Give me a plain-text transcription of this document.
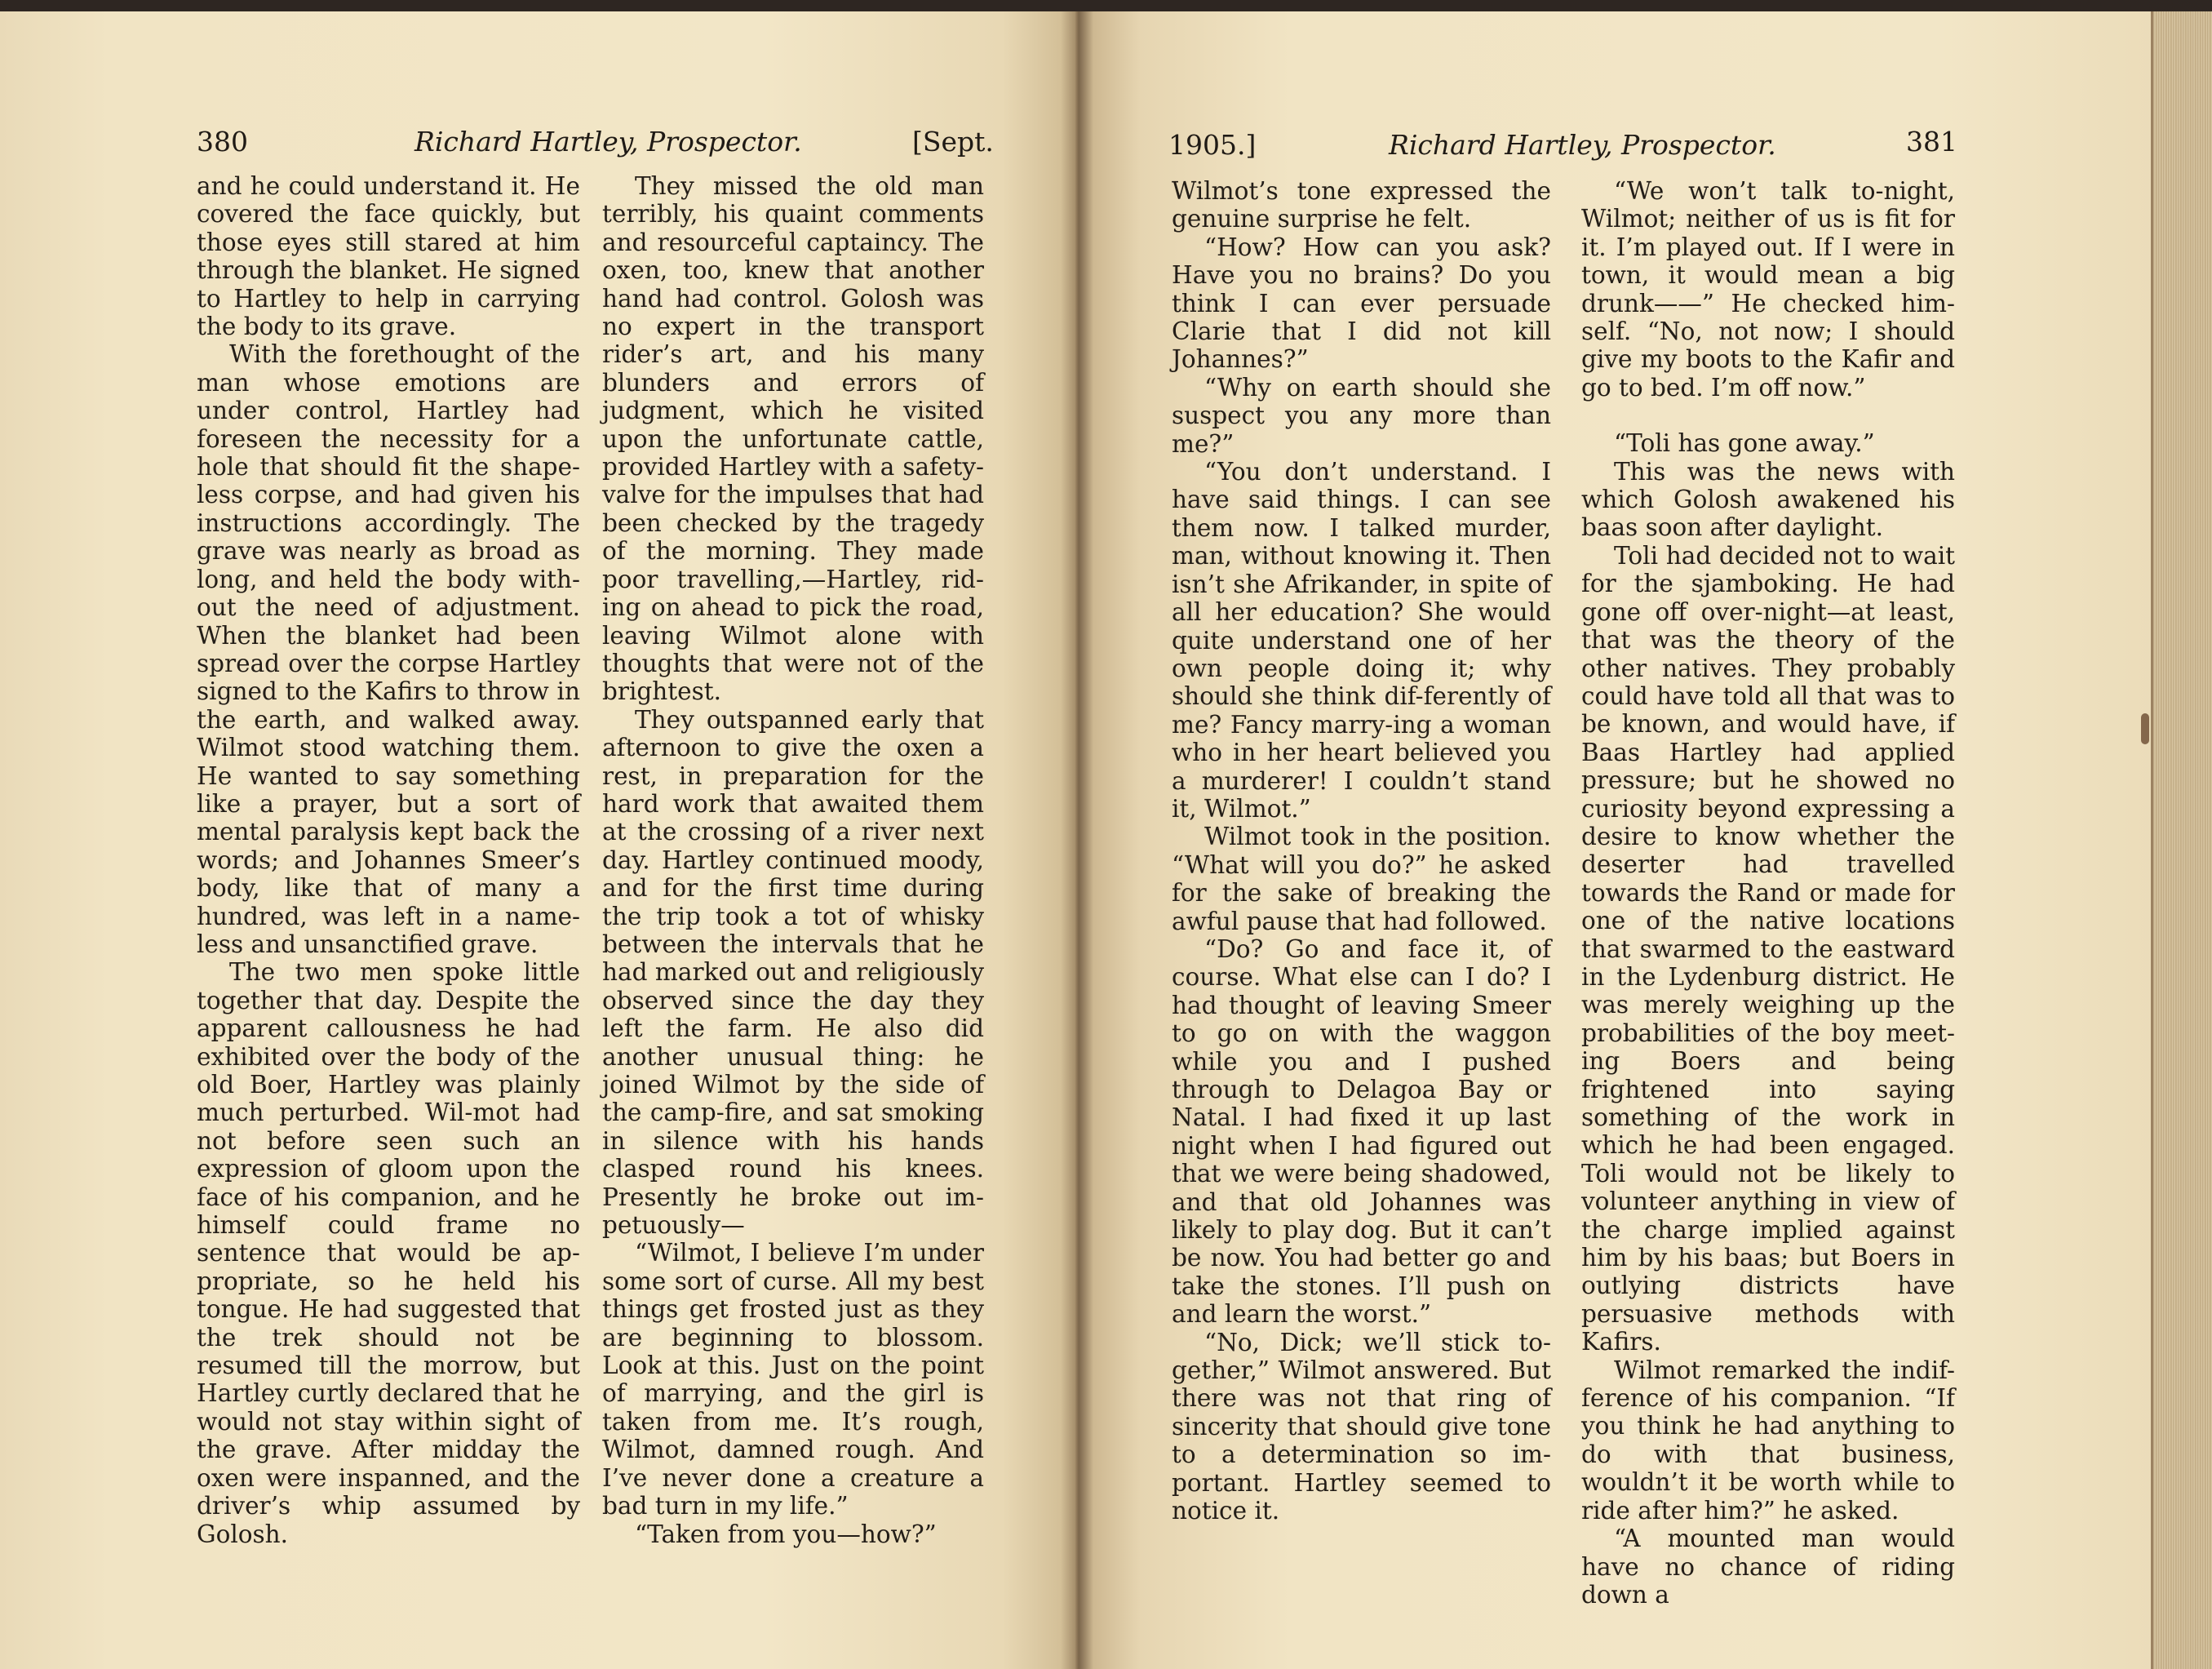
380	Richard Hartley, Prospector.	[Sept.

and he could understand it. He covered the face quickly, but those eyes still stared at him through the blanket. He signed to Hartley to help in carrying the body to its grave.

With the forethought of the man whose emotions are under control, Hartley had foreseen the necessity for a hole that should fit the shape-less corpse, and had given his instructions accordingly. The grave was nearly as broad as long, and held the body with-out the need of adjustment. When the blanket had been spread over the corpse Hartley signed to the Kafirs to throw in the earth, and walked away. Wilmot stood watching them. He wanted to say something like a prayer, but a sort of mental paralysis kept back the words; and Johannes Smeer’s body, like that of many a hundred, was left in a name-less and unsanctified grave.

The two men spoke little together that day. Despite the apparent callousness he had exhibited over the body of the old Boer, Hartley was plainly much perturbed. Wil-mot had not before seen such an expression of gloom upon the face of his companion, and he himself could frame no sentence that would be ap-propriate, so he held his tongue. He had suggested that the trek should not be resumed till the morrow, but Hartley curtly declared that he would not stay within sight of the grave. After midday the oxen were inspanned, and the driver’s whip assumed by Golosh.

They missed the old man terribly, his quaint comments and resourceful captaincy. The oxen, too, knew that another hand had control. Golosh was no expert in the transport rider’s art, and his many blunders and errors of judgment, which he visited upon the unfortunate cattle, provided Hartley with a safety-valve for the impulses that had been checked by the tragedy of the morning. They made poor travelling,—Hartley, rid-ing on ahead to pick the road, leaving Wilmot alone with thoughts that were not of the brightest.

They outspanned early that afternoon to give the oxen a rest, in preparation for the hard work that awaited them at the crossing of a river next day. Hartley continued moody, and for the first time during the trip took a tot of whisky between the intervals that he had marked out and religiously observed since the day they left the farm. He also did another unusual thing: he joined Wilmot by the side of the camp-fire, and sat smoking in silence with his hands clasped round his knees. Presently he broke out im-petuously—

“Wilmot, I believe I’m under some sort of curse. All my best things get frosted just as they are beginning to blossom. Look at this. Just on the point of marrying, and the girl is taken from me. It’s rough, Wilmot, damned rough. And I’ve never done a creature a bad turn in my life.”

“Taken from you—how?”

1905.]	Richard Hartley, Prospector.	381

Wilmot’s tone expressed the genuine surprise he felt.

“How? How can you ask? Have you no brains? Do you think I can ever persuade Clarie that I did not kill Johannes?”

“Why on earth should she suspect you any more than me?”

“You don’t understand. I have said things. I can see them now. I talked murder, man, without knowing it. Then isn’t she Afrikander, in spite of all her education? She would quite understand one of her own people doing it; why should she think dif-ferently of me? Fancy marry-ing a woman who in her heart believed you a murderer! I couldn’t stand it, Wilmot.”

Wilmot took in the position. “What will you do?” he asked for the sake of breaking the awful pause that had followed.

“Do? Go and face it, of course. What else can I do? I had thought of leaving Smeer to go on with the waggon while you and I pushed through to Delagoa Bay or Natal. I had fixed it up last night when I had figured out that we were being shadowed, and that old Johannes was likely to play dog. But it can’t be now. You had better go and take the stones. I’ll push on and learn the worst.”

“No, Dick; we’ll stick to-gether,” Wilmot answered. But there was not that ring of sincerity that should give tone to a determination so im-portant. Hartley seemed to notice it.

“We won’t talk to-night, Wilmot; neither of us is fit for it. I’m played out. If I were in town, it would mean a big drunk——” He checked him-self. “No, not now; I should give my boots to the Kafir and go to bed. I’m off now.”

“Toli has gone away.”

This was the news with which Golosh awakened his baas soon after daylight.

Toli had decided not to wait for the sjamboking. He had gone off over-night—at least, that was the theory of the other natives. They probably could have told all that was to be known, and would have, if Baas Hartley had applied pressure; but he showed no curiosity beyond expressing a desire to know whether the deserter had travelled towards the Rand or made for one of the native locations that swarmed to the eastward in the Lydenburg district. He was merely weighing up the probabilities of the boy meet-ing Boers and being frightened into saying something of the work in which he had been engaged. Toli would not be likely to volunteer anything in view of the charge implied against him by his baas; but Boers in outlying districts have persuasive methods with Kafirs.

Wilmot remarked the indif-ference of his companion. “If you think he had anything to do with that business, wouldn’t it be worth while to ride after him?” he asked.

“A mounted man would have no chance of riding down a
